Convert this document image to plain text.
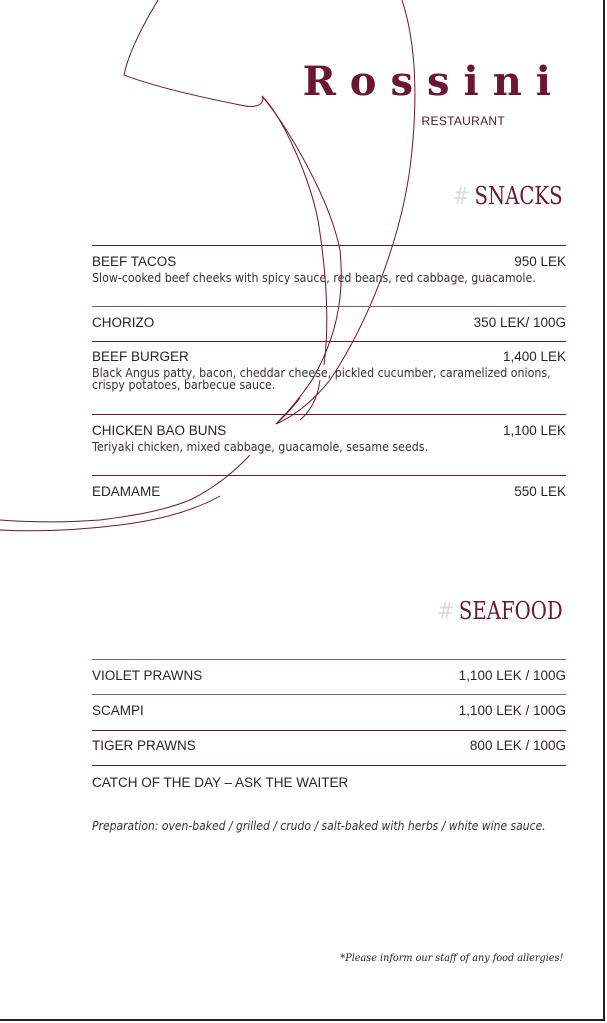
Rossini
RESTAURANT
# SNACKS
BEEF TACOS	950 LEK
Slow-cooked beef cheeks with spicy sauce, red beans, red cabbage, guacamole.
CHORIZO	350 LEK/ 100G
BEEF BURGER	1,400 LEK
Black Angus patty, bacon, cheddar cheese, pickled cucumber, caramelized onions, crispy potatoes, barbecue sauce.
CHICKEN BAO BUNS	1,100 LEK
Teriyaki chicken, mixed cabbage, guacamole, sesame seeds.
EDAMAME	550 LEK
# SEAFOOD
VIOLET PRAWNS	1,100 LEK / 100G
SCAMPI	1,100 LEK / 100G
TIGER PRAWNS	800 LEK / 100G
CATCH OF THE DAY – ASK THE WAITER
Preparation: oven-baked / grilled / crudo / salt-baked with herbs / white wine sauce.
*Please inform our staff of any food allergies!
